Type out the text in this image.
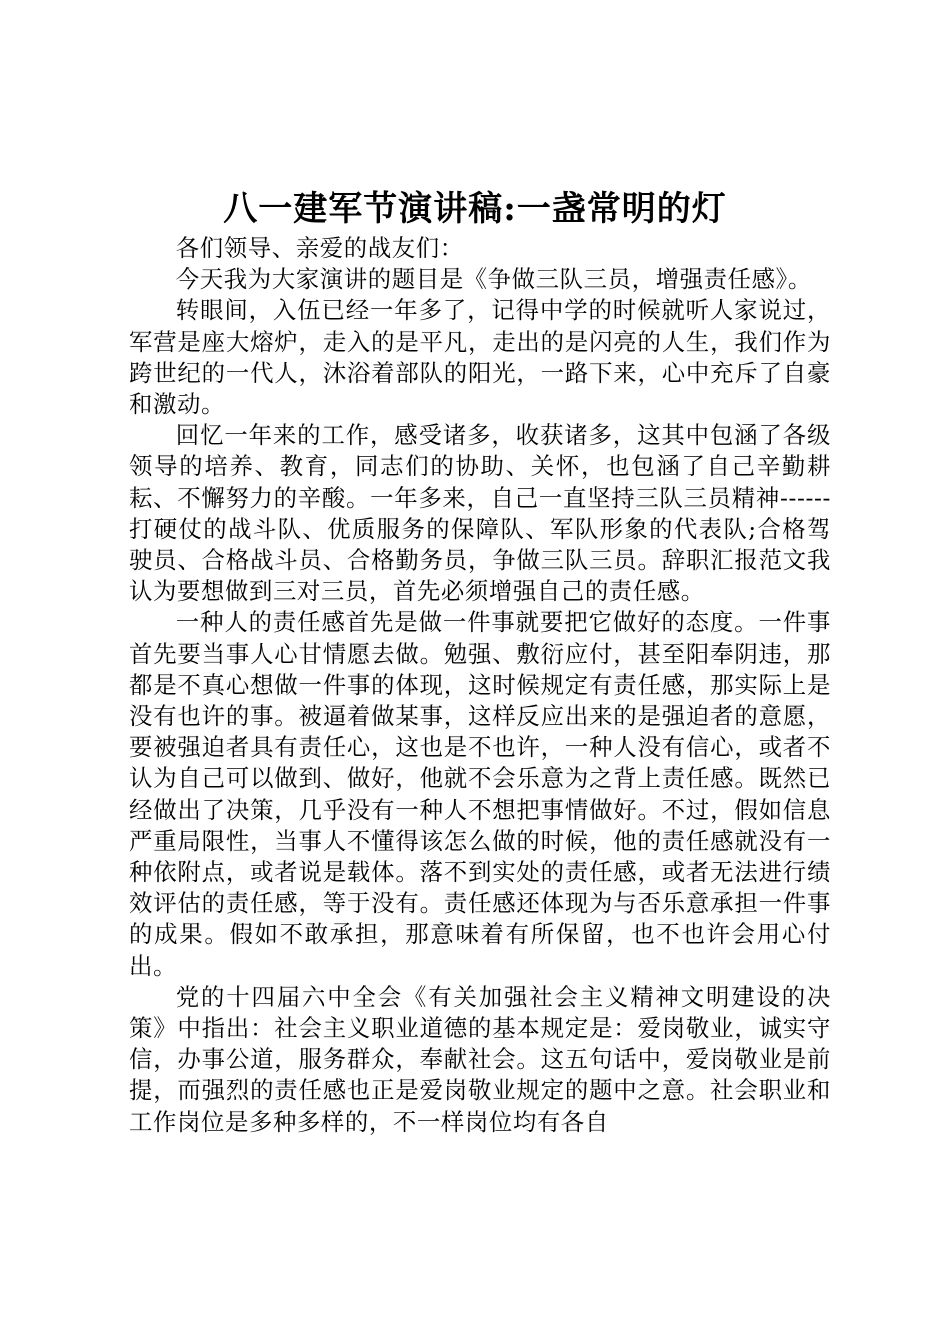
八一建军节演讲稿:一盏常明的灯

各们领导、亲爱的战友们：

今天我为大家演讲的题目是《争做三队三员，增强责任感》。

转眼间，入伍已经一年多了，记得中学的时候就听人家说过，军营是座大熔炉，走入的是平凡，走出的是闪亮的人生，我们作为跨世纪的一代人，沐浴着部队的阳光，一路下来，心中充斥了自豪和激动。

回忆一年来的工作，感受诸多，收获诸多，这其中包涵了各级领导的培养、教育，同志们的协助、关怀，也包涵了自己辛勤耕耘、不懈努力的辛酸。一年多来，自己一直坚持三队三员精神------打硬仗的战斗队、优质服务的保障队、军队形象的代表队;合格驾驶员、合格战斗员、合格勤务员，争做三队三员。辞职汇报范文我认为要想做到三对三员，首先必须增强自己的责任感。

一种人的责任感首先是做一件事就要把它做好的态度。一件事首先要当事人心甘情愿去做。勉强、敷衍应付，甚至阳奉阴违，那都是不真心想做一件事的体现，这时候规定有责任感，那实际上是没有也许的事。被逼着做某事，这样反应出来的是强迫者的意愿，要被强迫者具有责任心，这也是不也许，一种人没有信心，或者不认为自己可以做到、做好，他就不会乐意为之背上责任感。既然已经做出了决策，几乎没有一种人不想把事情做好。不过，假如信息严重局限性，当事人不懂得该怎么做的时候，他的责任感就没有一种依附点，或者说是载体。落不到实处的责任感，或者无法进行绩效评估的责任感，等于没有。责任感还体现为与否乐意承担一件事的成果。假如不敢承担，那意味着有所保留，也不也许会用心付出。

党的十四届六中全会《有关加强社会主义精神文明建设的决策》中指出：社会主义职业道德的基本规定是：爱岗敬业，诚实守信，办事公道，服务群众，奉献社会。这五句话中，爱岗敬业是前提，而强烈的责任感也正是爱岗敬业规定的题中之意。社会职业和工作岗位是多种多样的，不一样岗位均有各自
